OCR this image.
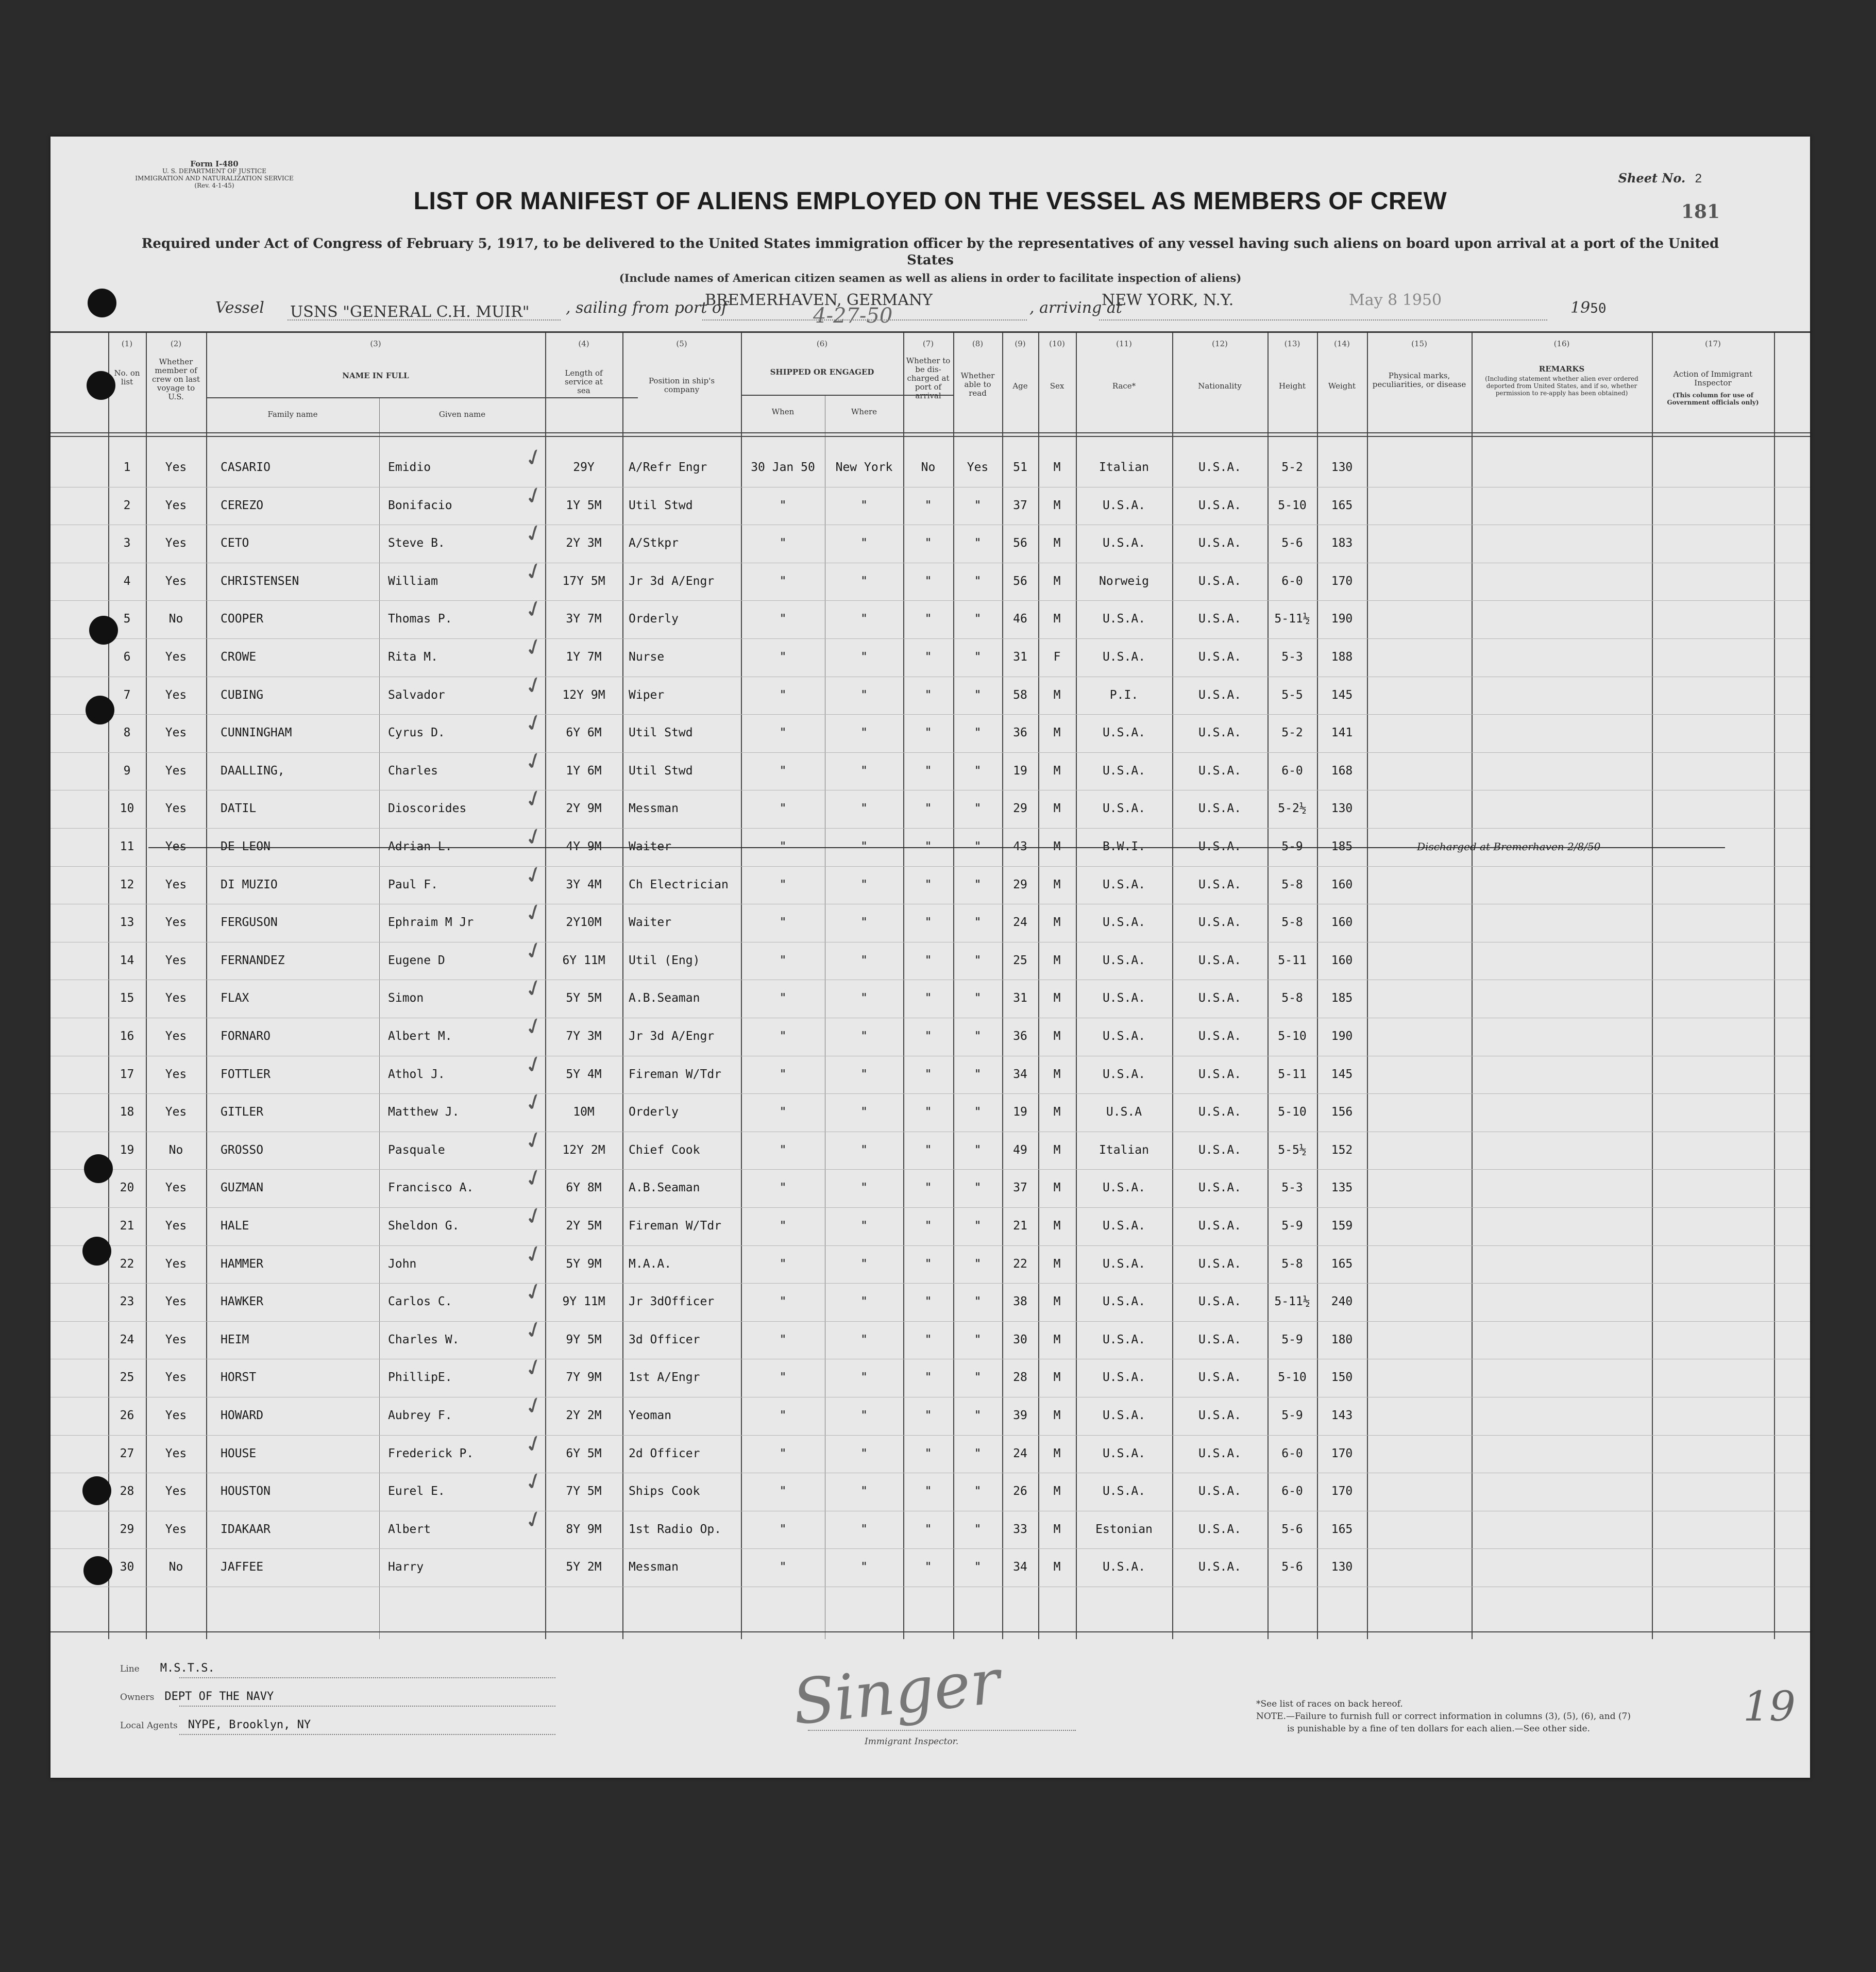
Form I-480
U. S. DEPARTMENT OF JUSTICE
IMMIGRATION AND NATURALIZATION SERVICE
(Rev. 4-1-45)	Sheet No. 2
181
LIST OR MANIFEST OF ALIENS EMPLOYED ON THE VESSEL AS MEMBERS OF CREW
Required under Act of Congress of February 5, 1917, to be delivered to the United States immigration officer by the representatives of any vessel having such aliens on board upon arrival at a port of the United States
(Include names of American citizen seamen as well as aliens in order to facilitate inspection of aliens)
Vessel USNS "GENERAL C.H. MUIR" , sailing from port of
BREMERHAVEN, GERMANY
4-27-50	, arriving at
NEW YORK, N.Y.	May 8 1950	1950
(1)
No. on list
(2)
Whether member of crew on last voyage to U.S.
(3)
NAME IN FULL
Family name	Given name
(4)
Length of service at sea
(5)
Position in ship's company
(6)
SHIPPED OR ENGAGED
When	Where
(7)
Whether to be dis-charged at port of arrival
(8)
Whether able to read
(9)
Age
(10)
Sex
(11)
Race*
(12)
Nationality
(13)
Height
(14)
Weight
(15)
Physical marks, peculiarities, or disease
(16)
REMARKS
(Including statement whether alien ever ordered deported from United States, and if so, whether permission to re-apply has been obtained)
(17)
Action of Immigrant Inspector
(This column for use of Government officials only)
1	Yes	CASARIO	Emidio	29Y	A/Refr Engr	30 Jan 50	New York	No	Yes	51	M	Italian	U.S.A.	5-2	130
✓
2	Yes	CEREZO	Bonifacio	1Y 5M	Util Stwd	"	"	"	"	37	M	U.S.A.	U.S.A.	5-10	165
✓
3	Yes	CETO	Steve B.	2Y 3M	A/Stkpr	"	"	"	"	56	M	U.S.A.	U.S.A.	5-6	183
✓
4	Yes	CHRISTENSEN	William	17Y 5M	Jr 3d A/Engr	"	"	"	"	56	M	Norweig	U.S.A.	6-0	170
✓
5	No	COOPER	Thomas P.	3Y 7M	Orderly	"	"	"	"	46	M	U.S.A.	U.S.A.	5-11½	190
✓
6	Yes	CROWE	Rita M.	1Y 7M	Nurse	"	"	"	"	31	F	U.S.A.	U.S.A.	5-3	188
✓
7	Yes	CUBING	Salvador	12Y 9M	Wiper	"	"	"	"	58	M	P.I.	U.S.A.	5-5	145
✓
8	Yes	CUNNINGHAM	Cyrus D.	6Y 6M	Util Stwd	"	"	"	"	36	M	U.S.A.	U.S.A.	5-2	141
✓
9	Yes	DAALLING,	Charles	1Y 6M	Util Stwd	"	"	"	"	19	M	U.S.A.	U.S.A.	6-0	168
✓
10	Yes	DATIL	Dioscorides	2Y 9M	Messman	"	"	"	"	29	M	U.S.A.	U.S.A.	5-2½	130
✓
11	Yes	DE LEON	Adrian L.	4Y 9M	Waiter	"	"	"	"	43	M	B.W.I.	U.S.A.	5-9	185	Discharged at Bremerhaven 2/8/50
✓
12	Yes	DI MUZIO	Paul F.	3Y 4M	Ch Electrician	"	"	"	"	29	M	U.S.A.	U.S.A.	5-8	160
✓
13	Yes	FERGUSON	Ephraim M Jr	2Y10M	Waiter	"	"	"	"	24	M	U.S.A.	U.S.A.	5-8	160
✓
14	Yes	FERNANDEZ	Eugene D	6Y 11M	Util (Eng)	"	"	"	"	25	M	U.S.A.	U.S.A.	5-11	160
✓
15	Yes	FLAX	Simon	5Y 5M	A.B.Seaman	"	"	"	"	31	M	U.S.A.	U.S.A.	5-8	185
✓
16	Yes	FORNARO	Albert M.	7Y 3M	Jr 3d A/Engr	"	"	"	"	36	M	U.S.A.	U.S.A.	5-10	190
✓
17	Yes	FOTTLER	Athol J.	5Y 4M	Fireman W/Tdr	"	"	"	"	34	M	U.S.A.	U.S.A.	5-11	145
✓
18	Yes	GITLER	Matthew J.	10M	Orderly	"	"	"	"	19	M	U.S.A	U.S.A.	5-10	156
✓
19	No	GROSSO	Pasquale	12Y 2M	Chief Cook	"	"	"	"	49	M	Italian	U.S.A.	5-5½	152
✓
20	Yes	GUZMAN	Francisco A.	6Y 8M	A.B.Seaman	"	"	"	"	37	M	U.S.A.	U.S.A.	5-3	135
✓
21	Yes	HALE	Sheldon G.	2Y 5M	Fireman W/Tdr	"	"	"	"	21	M	U.S.A.	U.S.A.	5-9	159
✓
22	Yes	HAMMER	John	5Y 9M	M.A.A.	"	"	"	"	22	M	U.S.A.	U.S.A.	5-8	165
✓
23	Yes	HAWKER	Carlos C.	9Y 11M	Jr 3dOfficer	"	"	"	"	38	M	U.S.A.	U.S.A.	5-11½	240
✓
24	Yes	HEIM	Charles W.	9Y 5M	3d Officer	"	"	"	"	30	M	U.S.A.	U.S.A.	5-9	180
✓
25	Yes	HORST	PhillipE.	7Y 9M	1st A/Engr	"	"	"	"	28	M	U.S.A.	U.S.A.	5-10	150
✓
26	Yes	HOWARD	Aubrey F.	2Y 2M	Yeoman	"	"	"	"	39	M	U.S.A.	U.S.A.	5-9	143
✓
27	Yes	HOUSE	Frederick P.	6Y 5M	2d Officer	"	"	"	"	24	M	U.S.A.	U.S.A.	6-0	170
✓
28	Yes	HOUSTON	Eurel E.	7Y 5M	Ships Cook	"	"	"	"	26	M	U.S.A.	U.S.A.	6-0	170
✓
29	Yes	IDAKAAR	Albert	8Y 9M	1st Radio Op.	"	"	"	"	33	M	Estonian	U.S.A.	5-6	165
✓
30	No	JAFFEE	Harry	5Y 2M	Messman	"	"	"	"	34	M	U.S.A.	U.S.A.	5-6	130
Line M.S.T.S.
Owners DEPT OF THE NAVY
Local Agents NYPE, Brooklyn, NY	Singer
Immigrant Inspector.
*See list of races on back hereof.
NOTE.—Failure to furnish full or correct information in columns (3), (5), (6), and (7)
is punishable by a fine of ten dollars for each alien.—See other side.	19
